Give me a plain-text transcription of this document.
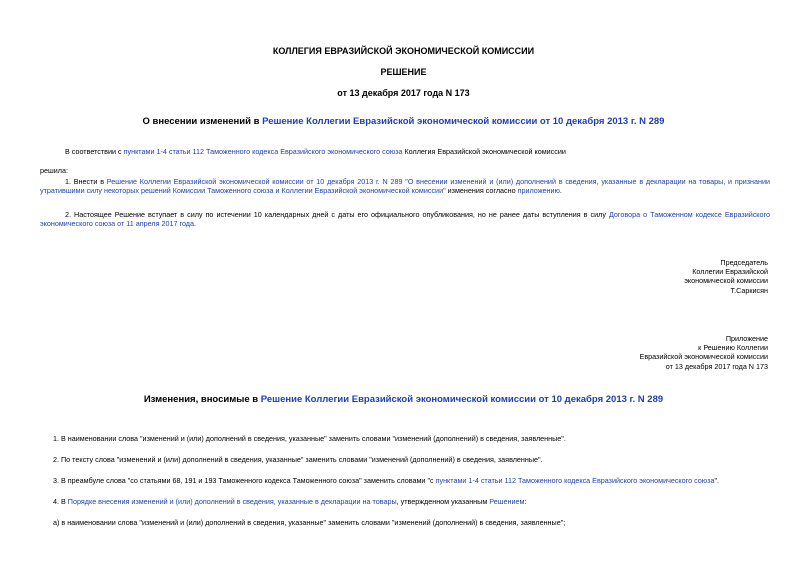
КОЛЛЕГИЯ ЕВРАЗИЙСКОЙ ЭКОНОМИЧЕСКОЙ КОМИССИИ
РЕШЕНИЕ
от 13 декабря 2017 года N 173
О внесении изменений в Решение Коллегии Евразийской экономической комиссии от 10 декабря 2013 г. N 289
В соответствии с пунктами 1-4 статьи 112 Таможенного кодекса Евразийского экономического союза Коллегия Евразийской экономической комиссии
решила:
1. Внести в Решение Коллегии Евразийской экономической комиссии от 10 декабря 2013 г. N 289 "О внесении изменений и (или) дополнений в сведения, указанные в декларации на товары, и признании утратившими силу некоторых решений Комиссии Таможенного союза и Коллегии Евразийской экономической комиссии" изменения согласно приложению.
2. Настоящее Решение вступает в силу по истечении 10 календарных дней с даты его официального опубликования, но не ранее даты вступления в силу Договора о Таможенном кодексе Евразийского экономического союза от 11 апреля 2017 года.
Председатель
Коллегии Евразийской
экономической комиссии
Т.Саркисян
Приложение
к Решению Коллегии
Евразийской экономической комиссии
от 13 декабря 2017 года N 173
Изменения, вносимые в Решение Коллегии Евразийской экономической комиссии от 10 декабря 2013 г. N 289
1. В наименовании слова "изменений и (или) дополнений в сведения, указанные" заменить словами "изменений (дополнений) в сведения, заявленные".
2. По тексту слова "изменений и (или) дополнений в сведения, указанные" заменить словами "изменений (дополнений) в сведения, заявленные".
3. В преамбуле слова "со статьями 68, 191 и 193 Таможенного кодекса Таможенного союза" заменить словами "с пунктами 1-4 статьи 112 Таможенного кодекса Евразийского экономического союза".
4. В Порядке внесения изменений и (или) дополнений в сведения, указанные в декларации на товары, утвержденном указанным Решением:
а) в наименовании слова "изменений и (или) дополнений в сведения, указанные" заменить словами "изменений (дополнений) в сведения, заявленные";
